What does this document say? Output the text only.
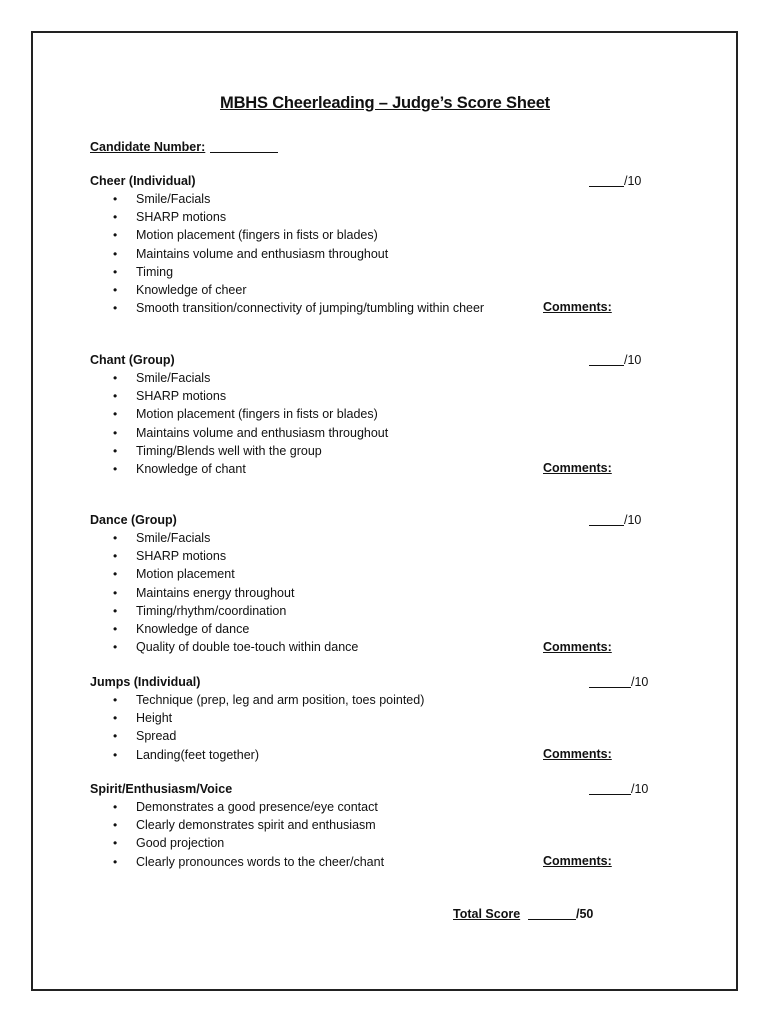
MBHS Cheerleading – Judge’s Score Sheet
Candidate Number:
Cheer (Individual)	/10
• Smile/Facials
• SHARP motions
• Motion placement (fingers in fists or blades)
• Maintains volume and enthusiasm throughout
• Timing
• Knowledge of cheer
• Smooth transition/connectivity of jumping/tumbling within cheer	Comments:
Chant (Group)	/10
• Smile/Facials
• SHARP motions
• Motion placement (fingers in fists or blades)
• Maintains volume and enthusiasm throughout
• Timing/Blends well with the group
• Knowledge of chant	Comments:
Dance (Group)	/10
• Smile/Facials
• SHARP motions
• Motion placement
• Maintains energy throughout
• Timing/rhythm/coordination
• Knowledge of dance
• Quality of double toe-touch within dance	Comments:
Jumps (Individual)	/10
• Technique (prep, leg and arm position, toes pointed)
• Height
• Spread
• Landing(feet together)	Comments:
Spirit/Enthusiasm/Voice	/10
• Demonstrates a good presence/eye contact
• Clearly demonstrates spirit and enthusiasm
• Good projection
• Clearly pronounces words to the cheer/chant	Comments:
Total Score	/50
